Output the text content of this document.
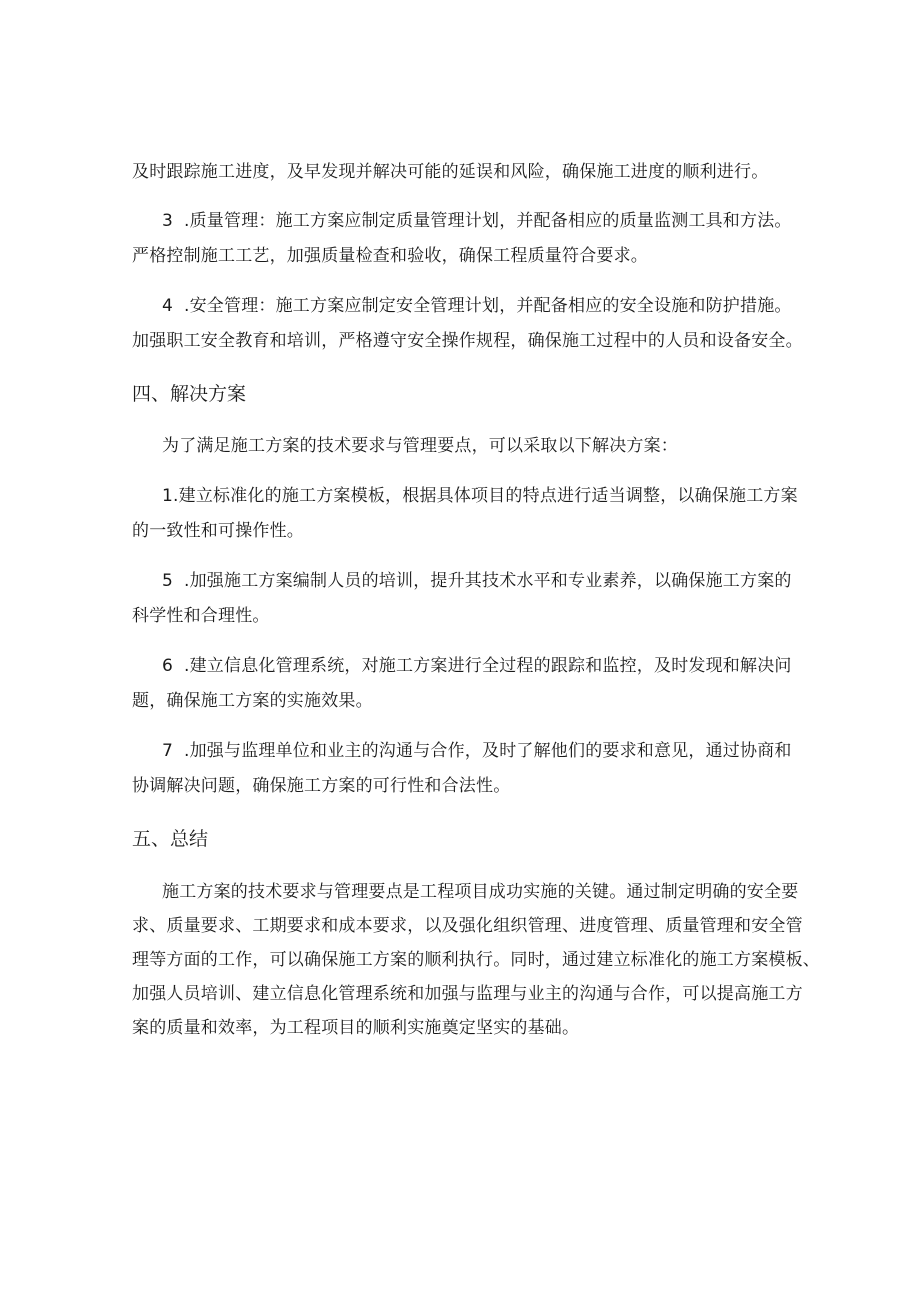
及时跟踪施工进度，及早发现并解决可能的延误和风险，确保施工进度的顺利进行。

3 .质量管理：施工方案应制定质量管理计划，并配备相应的质量监测工具和方法。

严格控制施工工艺，加强质量检查和验收，确保工程质量符合要求。

4 .安全管理：施工方案应制定安全管理计划，并配备相应的安全设施和防护措施。

加强职工安全教育和培训，严格遵守安全操作规程，确保施工过程中的人员和设备安全。

四、解决方案

为了满足施工方案的技术要求与管理要点，可以采取以下解决方案：

1.建立标准化的施工方案模板，根据具体项目的特点进行适当调整，以确保施工方案

的一致性和可操作性。

5 .加强施工方案编制人员的培训，提升其技术水平和专业素养，以确保施工方案的

科学性和合理性。

6 .建立信息化管理系统，对施工方案进行全过程的跟踪和监控，及时发现和解决问

题，确保施工方案的实施效果。

7 .加强与监理单位和业主的沟通与合作，及时了解他们的要求和意见，通过协商和

协调解决问题，确保施工方案的可行性和合法性。

五、总结

施工方案的技术要求与管理要点是工程项目成功实施的关键。通过制定明确的安全要

求、质量要求、工期要求和成本要求，以及强化组织管理、进度管理、质量管理和安全管

理等方面的工作，可以确保施工方案的顺利执行。同时，通过建立标准化的施工方案模板、

加强人员培训、建立信息化管理系统和加强与监理与业主的沟通与合作，可以提高施工方

案的质量和效率，为工程项目的顺利实施奠定坚实的基础。
